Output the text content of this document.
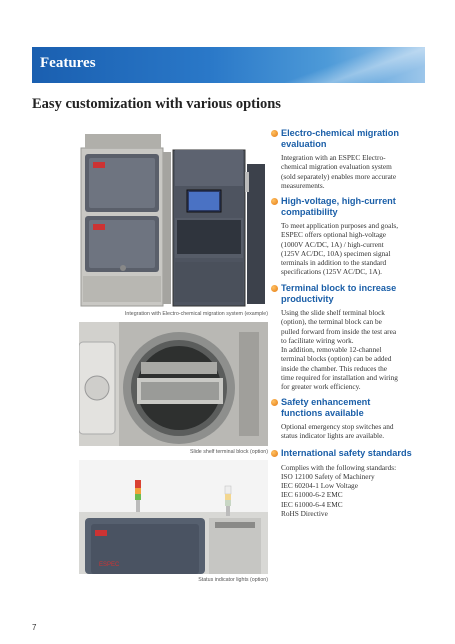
Features
Easy customization with various options
Integration with Electro-chemical migration system (example)
Slide shelf terminal block (option)
ESPEC
Status indicator lights (option)
Electro-chemical migration
evaluation

Integration with an ESPEC Electro-
chemical migration evaluation system
(sold separately) enables more accurate
measurements.

High-voltage, high-current
compatibility

To meet application purposes and goals,
ESPEC offers optional high-voltage
(1000V AC/DC, 1A) / high-current
(125V AC/DC, 10A) specimen signal
terminals in addition to the standard
specifications (125V AC/DC, 1A).

Terminal block to increase
productivity

Using the slide shelf terminal block
(option), the terminal block can be
pulled forward from inside the test area
to facilitate wiring work.
In addition, removable 12-channel
terminal blocks (option) can be added
inside the chamber. This reduces the
time required for installation and wiring
for greater work efficiency.

Safety enhancement
functions available

Optional emergency stop switches and
status indicator lights are available.

International safety standards
Complies with the following standards:
ISO 12100 Safety of Machinery
IEC 60204-1 Low Voltage
IEC 61000-6-2 EMC
IEC 61000-6-4 EMC
RoHS Directive
7
